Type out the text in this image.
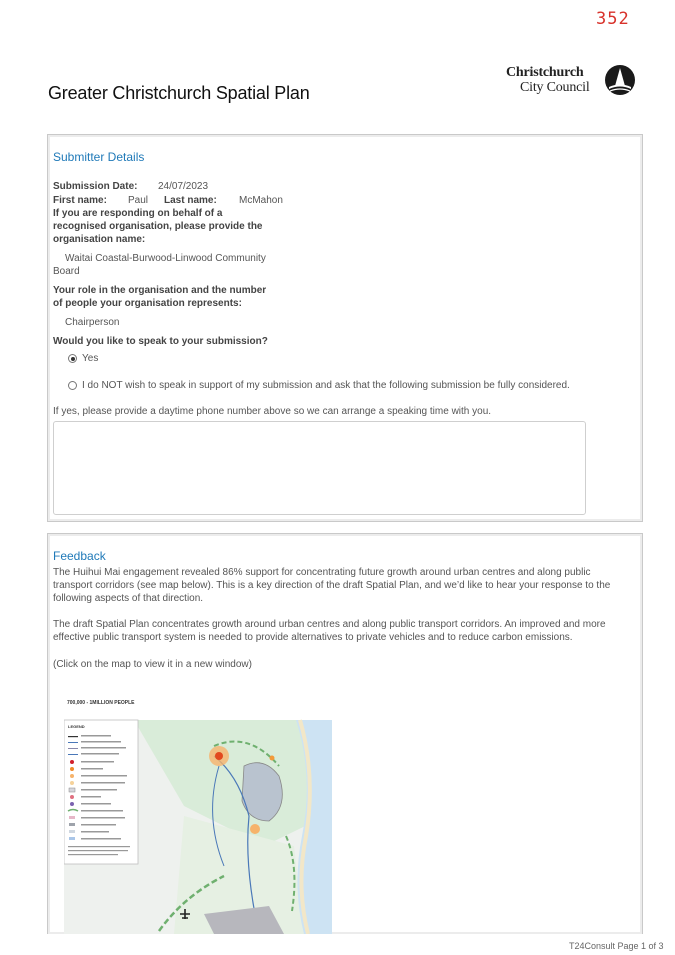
352
Greater Christchurch Spatial Plan
Christchurch
City Council
Submitter Details
Submission Date: 24/07/2023
First name: Paul Last name: McMahon
If you are responding on behalf of a
recognised organisation, please provide the
organisation name:
Waitai Coastal-Burwood-Linwood Community
Board
Your role in the organisation and the number
of people your organisation represents:
Chairperson
Would you like to speak to your submission?
Yes
I do NOT wish to speak in support of my submission and ask that the following submission be fully considered.
If yes, please provide a daytime phone number above so we can arrange a speaking time with you.
Feedback
The Huihui Mai engagement revealed 86% support for concentrating future growth around urban centres and along public
transport corridors (see map below). This is a key direction of the draft Spatial Plan, and we’d like to hear your response to the
following aspects of that direction.
The draft Spatial Plan concentrates growth around urban centres and along public transport corridors. An improved and more
effective public transport system is needed to provide alternatives to private vehicles and to reduce carbon emissions.
(Click on the map to view it in a new window)
700,000 - 1MILLION PEOPLE
LEGEND
T24Consult Page 1 of 3
